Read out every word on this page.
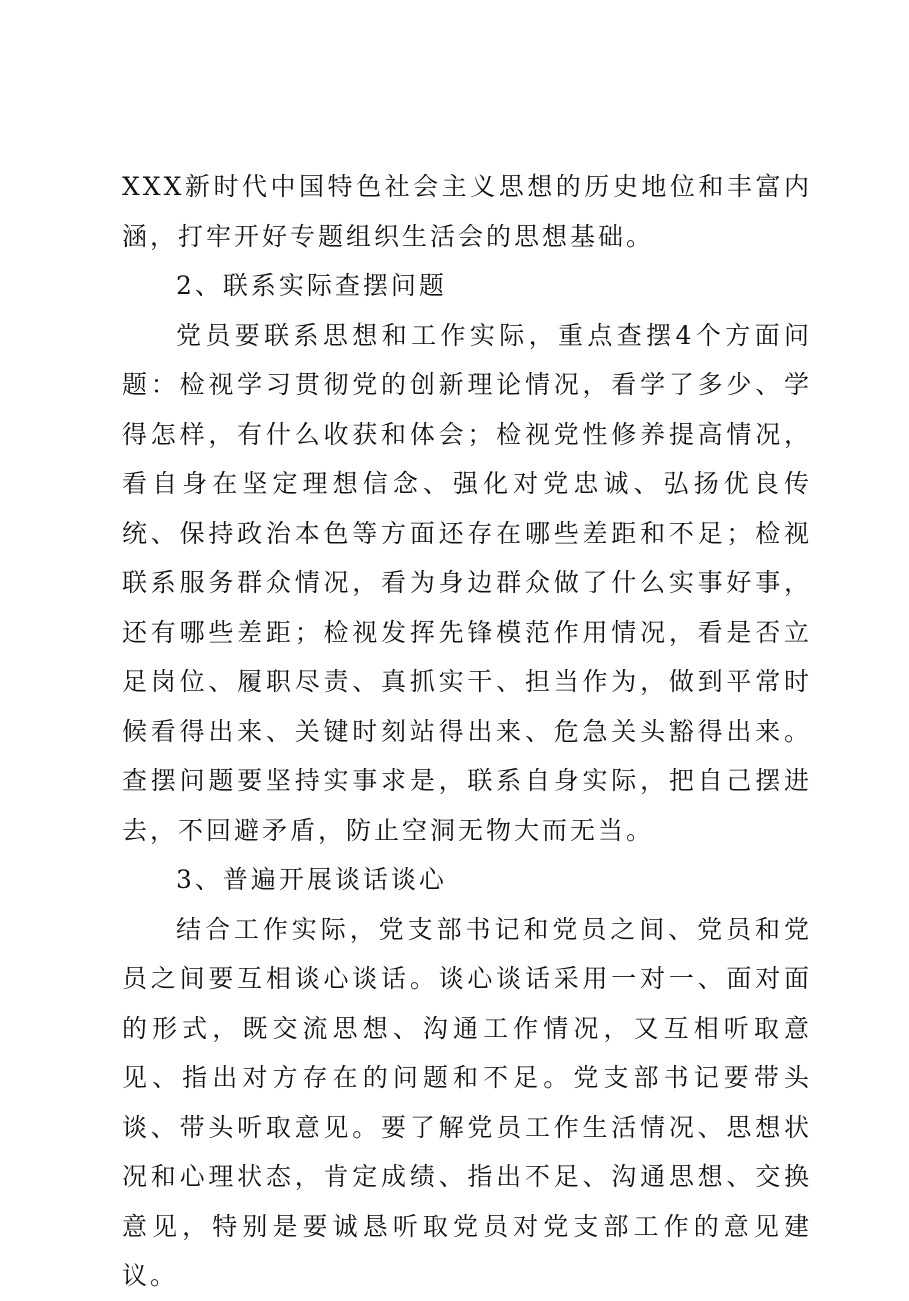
XXX新时代中国特色社会主义思想的历史地位和丰富内涵，打牢开好专题组织生活会的思想基础。

2、联系实际查摆问题

党员要联系思想和工作实际，重点查摆4个方面问题：检视学习贯彻党的创新理论情况，看学了多少、学得怎样，有什么收获和体会；检视党性修养提高情况，看自身在坚定理想信念、强化对党忠诚、弘扬优良传统、保持政治本色等方面还存在哪些差距和不足；检视联系服务群众情况，看为身边群众做了什么实事好事，还有哪些差距；检视发挥先锋模范作用情况，看是否立足岗位、履职尽责、真抓实干、担当作为，做到平常时候看得出来、关键时刻站得出来、危急关头豁得出来。查摆问题要坚持实事求是，联系自身实际，把自己摆进去，不回避矛盾，防止空洞无物大而无当。

3、普遍开展谈话谈心

结合工作实际，党支部书记和党员之间、党员和党员之间要互相谈心谈话。谈心谈话采用一对一、面对面的形式，既交流思想、沟通工作情况，又互相听取意见、指出对方存在的问题和不足。党支部书记要带头谈、带头听取意见。要了解党员工作生活情况、思想状况和心理状态，肯定成绩、指出不足、沟通思想、交换意见，特别是要诚恳听取党员对党支部工作的意见建议。
